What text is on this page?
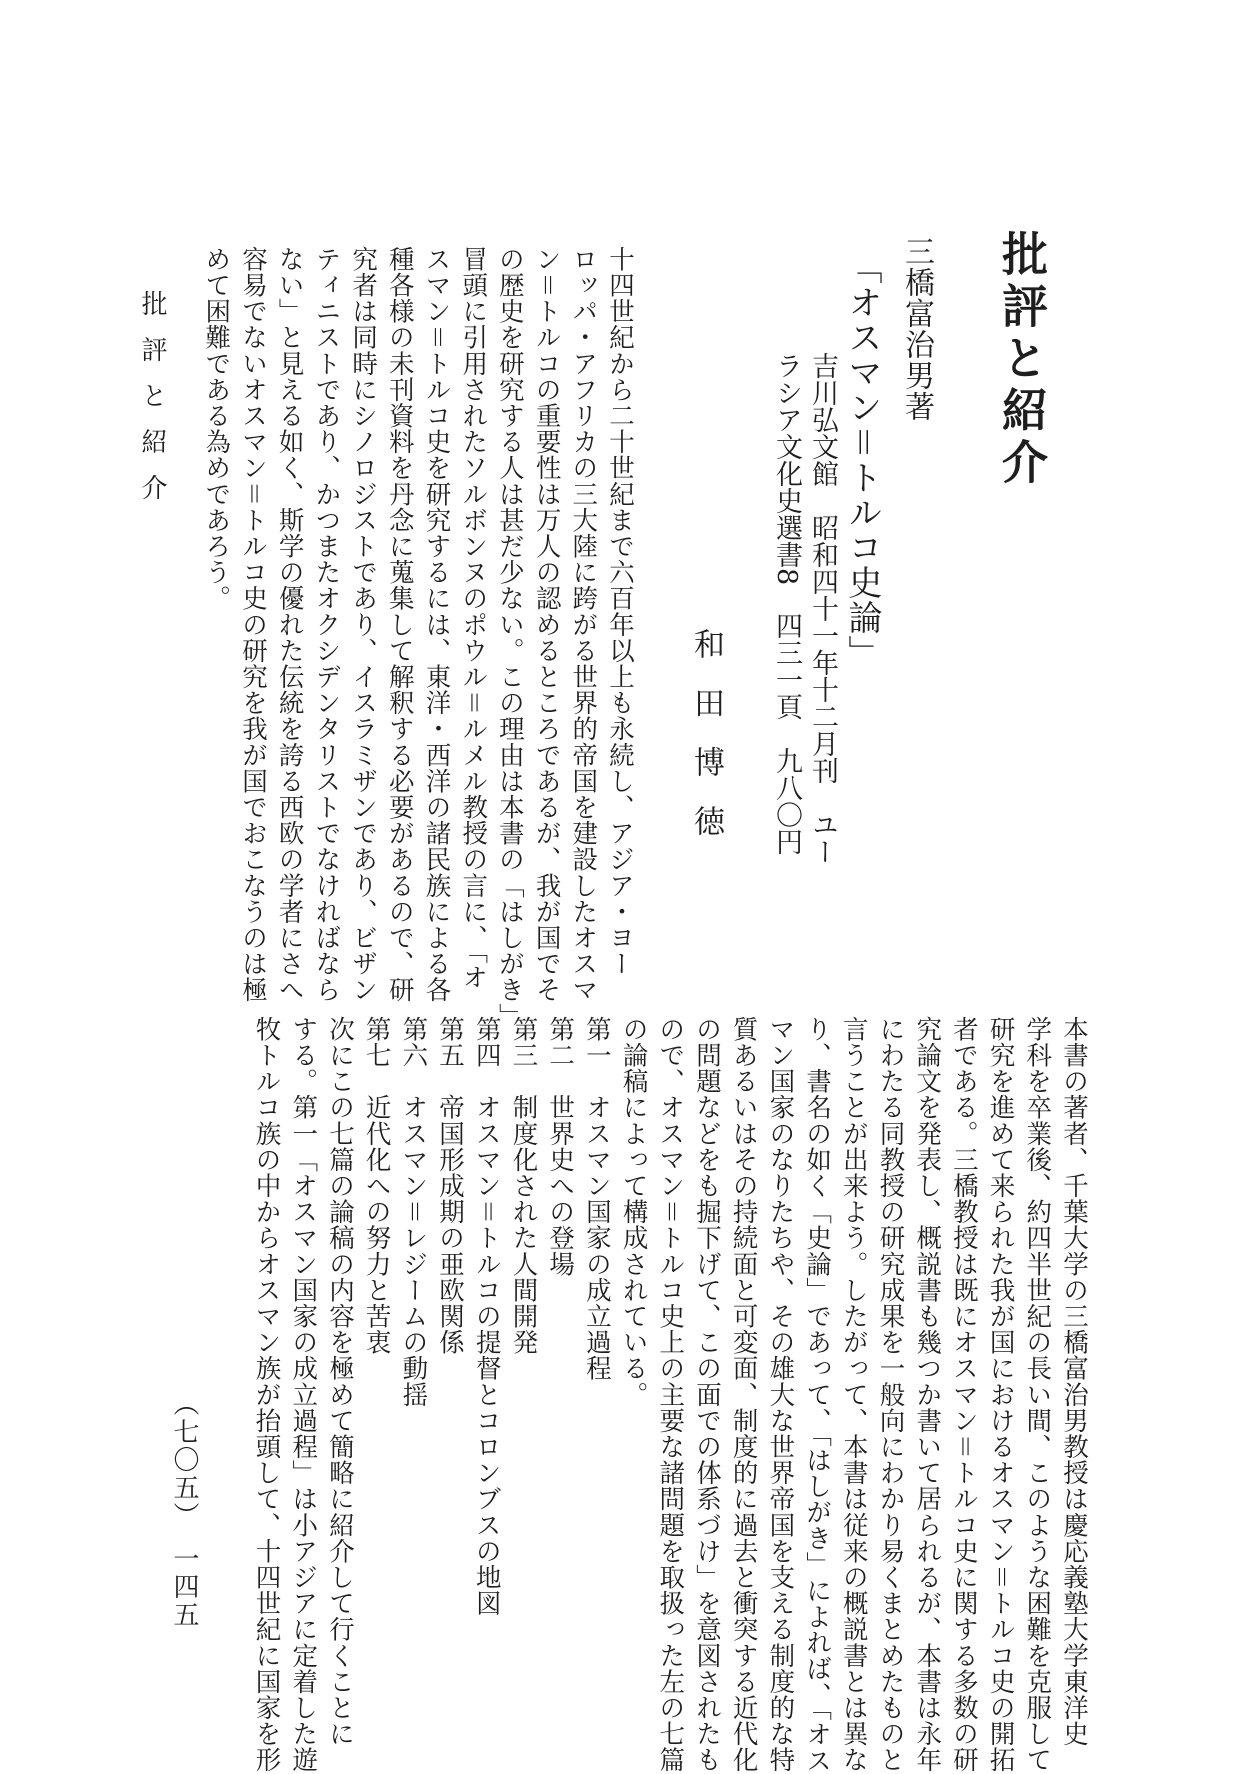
批評と紹介
三橋富治男著
「オスマン＝トルコ史論」
吉川弘文館　昭和四十一年十二月刊　ユー
ラシア文化史選書8　四三一頁　九八〇円
和田博徳
十四世紀から二十世紀まで六百年以上も永続し、アジア・ヨー
ロッパ・アフリカの三大陸に跨がる世界的帝国を建設したオスマ
ン＝トルコの重要性は万人の認めるところであるが、我が国でそ
の歴史を研究する人は甚だ少ない。この理由は本書の「はしがき」
冒頭に引用されたソルボンヌのポウル＝ルメル教授の言に、「オ
スマン＝トルコ史を研究するには、東洋・西洋の諸民族による各
種各様の未刊資料を丹念に蒐集して解釈する必要があるので、研
究者は同時にシノロジストであり、イスラミザンであり、ビザン
ティニストであり、かつまたオクシデンタリストでなければなら
ない」と見える如く、斯学の優れた伝統を誇る西欧の学者にさへ
容易でないオスマン＝トルコ史の研究を我が国でおこなうのは極
めて困難である為めであろう。
批評と紹介
本書の著者、千葉大学の三橋富治男教授は慶応義塾大学東洋史
学科を卒業後、約四半世紀の長い間、このような困難を克服して
研究を進めて来られた我が国におけるオスマン＝トルコ史の開拓
者である。三橋教授は既にオスマン＝トルコ史に関する多数の研
究論文を発表し、概説書も幾つか書いて居られるが、本書は永年
にわたる同教授の研究成果を一般向にわかり易くまとめたものと
言うことが出来よう。したがって、本書は従来の概説書とは異な
り、書名の如く「史論」であって、「はしがき」によれば、「オス
マン国家のなりたちや、その雄大な世界帝国を支える制度的な特
質あるいはその持続面と可変面、制度的に過去と衝突する近代化
の問題などをも掘下げて、この面での体系づけ」を意図されたも
ので、オスマン＝トルコ史上の主要な諸問題を取扱った左の七篇
の論稿によって構成されている。
第一　オスマン国家の成立過程
第二　世界史への登場
第三　制度化された人間開発
第四　オスマン＝トルコの提督とコロンブスの地図
第五　帝国形成期の亜欧関係
第六　オスマン＝レジームの動揺
第七　近代化への努力と苦衷
次にこの七篇の論稿の内容を極めて簡略に紹介して行くことに
する。第一「オスマン国家の成立過程」は小アジアに定着した遊
牧トルコ族の中からオスマン族が抬頭して、十四世紀に国家を形
（七〇五）　一四五
